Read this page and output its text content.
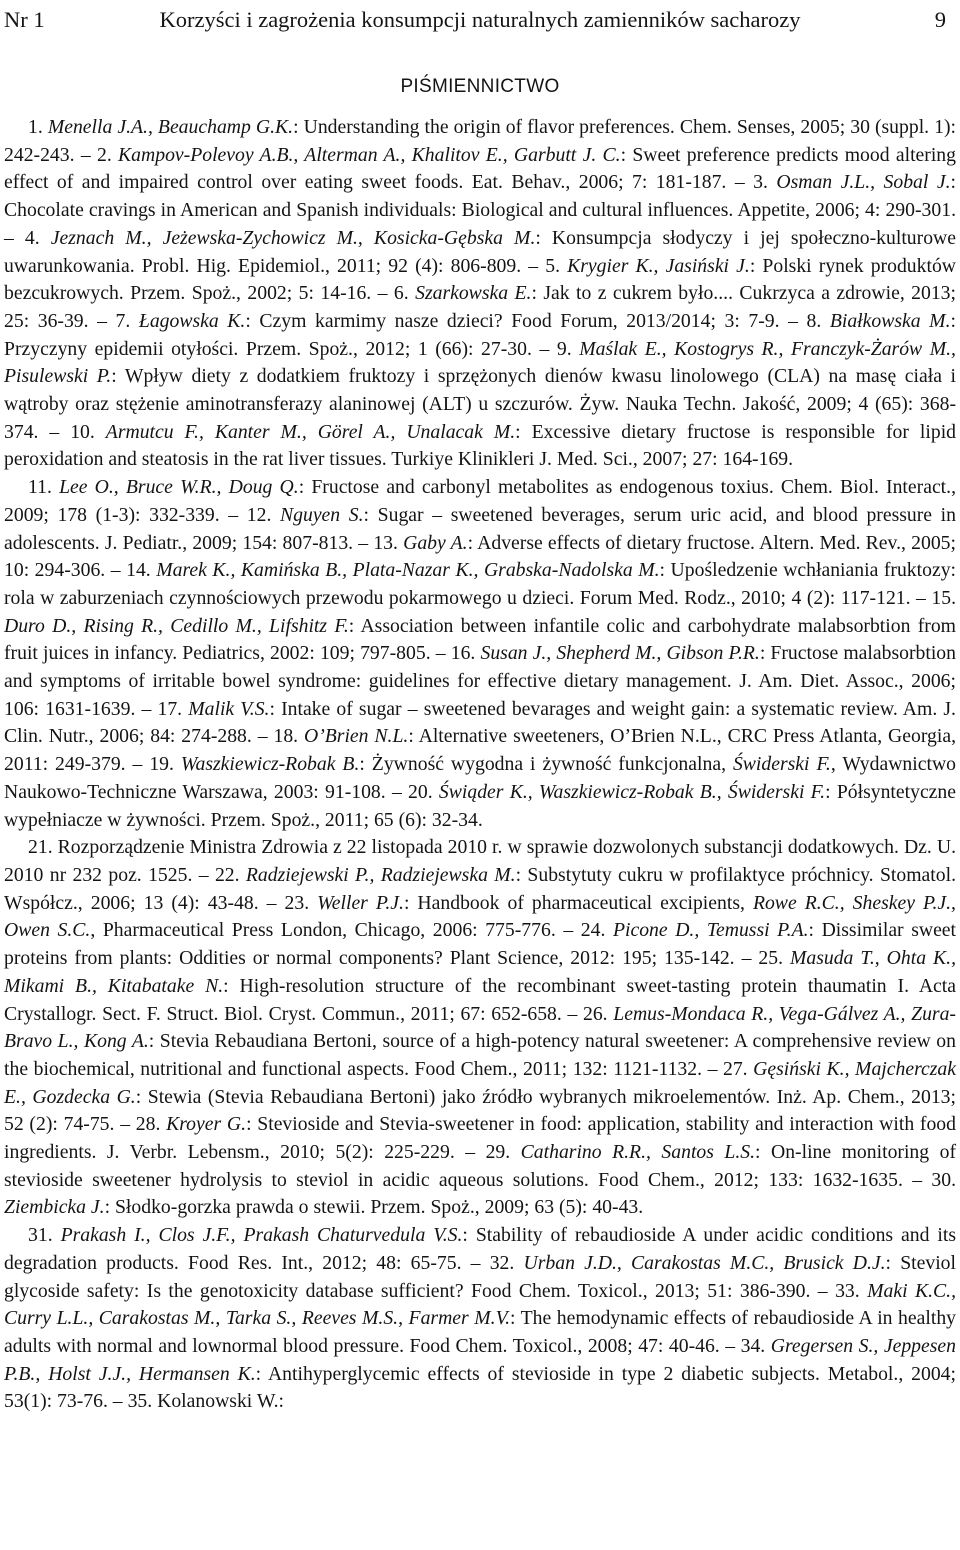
Nr 1	Korzyści i zagrożenia konsumpcji naturalnych zamienników sacharozy	9
PIŚMIENNICTWO

1. Menella J.A., Beauchamp G.K.: Understanding the origin of flavor preferences. Chem. Senses, 2005; 30 (suppl. 1): 242-243. – 2. Kampov-Polevoy A.B., Alterman A., Khalitov E., Garbutt J. C.: Sweet preference predicts mood altering effect of and impaired control over eating sweet foods. Eat. Behav., 2006; 7: 181-187. – 3. Osman J.L., Sobal J.: Chocolate cravings in American and Spanish individuals: Biological and cultural influences. Appetite, 2006; 4: 290-301. – 4. Jeznach M., Jeżewska-Zychowicz M., Kosicka-Gębska M.: Konsumpcja słodyczy i jej społeczno-kulturowe uwarunkowania. Probl. Hig. Epidemiol., 2011; 92 (4): 806-809. – 5. Krygier K., Jasiński J.: Polski rynek produktów bezcukrowych. Przem. Spoż., 2002; 5: 14-16. – 6. Szarkowska E.: Jak to z cukrem było.... Cukrzyca a zdrowie, 2013; 25: 36-39. – 7. Łagowska K.: Czym karmimy nasze dzieci? Food Forum, 2013/2014; 3: 7-9. – 8. Białkowska M.: Przyczyny epidemii otyłości. Przem. Spoż., 2012; 1 (66): 27-30. – 9. Maślak E., Kostogrys R., Franczyk-Żarów M., Pisulewski P.: Wpływ diety z dodatkiem fruktozy i sprzężonych dienów kwasu linolowego (CLA) na masę ciała i wątroby oraz stężenie aminotransferazy alaninowej (ALT) u szczurów. Żyw. Nauka Techn. Jakość, 2009; 4 (65): 368-374. – 10. Armutcu F., Kanter M., Görel A., Unalacak M.: Excessive dietary fructose is responsible for lipid peroxidation and steatosis in the rat liver tissues. Turkiye Klinikleri J. Med. Sci., 2007; 27: 164-169.

11. Lee O., Bruce W.R., Doug Q.: Fructose and carbonyl metabolites as endogenous toxius. Chem. Biol. Interact., 2009; 178 (1-3): 332-339. – 12. Nguyen S.: Sugar – sweetened beverages, serum uric acid, and blood pressure in adolescents. J. Pediatr., 2009; 154: 807-813. – 13. Gaby A.: Adverse effects of dietary fructose. Altern. Med. Rev., 2005; 10: 294-306. – 14. Marek K., Kamińska B., Plata-Nazar K., Grabska-Nadolska M.: Upośledzenie wchłaniania fruktozy: rola w zaburzeniach czynnościowych przewodu pokarmowego u dzieci. Forum Med. Rodz., 2010; 4 (2): 117-121. – 15. Duro D., Rising R., Cedillo M., Lifshitz F.: Association between infantile colic and carbohydrate malabsorbtion from fruit juices in infancy. Pediatrics, 2002: 109; 797-805. – 16. Susan J., Shepherd M., Gibson P.R.: Fructose malabsorbtion and symptoms of irritable bowel syndrome: guidelines for effective dietary management. J. Am. Diet. Assoc., 2006; 106: 1631-1639. – 17. Malik V.S.: Intake of sugar – sweetened bevarages and weight gain: a systematic review. Am. J. Clin. Nutr., 2006; 84: 274-288. – 18. O’Brien N.L.: Alternative sweeteners, O’Brien N.L., CRC Press Atlanta, Georgia, 2011: 249-379. – 19. Waszkiewicz-Robak B.: Żywność wygodna i żywność funkcjonalna, Świderski F., Wydawnictwo Naukowo-Techniczne Warszawa, 2003: 91-108. – 20. Świąder K., Waszkiewicz-Robak B., Świderski F.: Półsyntetyczne wypełniacze w żywności. Przem. Spoż., 2011; 65 (6): 32-34.

21. Rozporządzenie Ministra Zdrowia z 22 listopada 2010 r. w sprawie dozwolonych substancji dodatkowych. Dz. U. 2010 nr 232 poz. 1525. – 22. Radziejewski P., Radziejewska M.: Substytuty cukru w profilaktyce próchnicy. Stomatol. Współcz., 2006; 13 (4): 43-48. – 23. Weller P.J.: Handbook of pharmaceutical excipients, Rowe R.C., Sheskey P.J., Owen S.C., Pharmaceutical Press London, Chicago, 2006: 775-776. – 24. Picone D., Temussi P.A.: Dissimilar sweet proteins from plants: Oddities or normal components? Plant Science, 2012: 195; 135-142. – 25. Masuda T., Ohta K., Mikami B., Kitabatake N.: High-resolution structure of the recombinant sweet-tasting protein thaumatin I. Acta Crystallogr. Sect. F. Struct. Biol. Cryst. Commun., 2011; 67: 652-658. – 26. Lemus-Mondaca R., Vega-Gálvez A., Zura-Bravo L., Kong A.: Stevia Rebaudiana Bertoni, source of a high-potency natural sweetener: A comprehensive review on the biochemical, nutritional and functional aspects. Food Chem., 2011; 132: 1121-1132. – 27. Gęsiński K., Majcherczak E., Gozdecka G.: Stewia (Stevia Rebaudiana Bertoni) jako źródło wybranych mikroelementów. Inż. Ap. Chem., 2013; 52 (2): 74-75. – 28. Kroyer G.: Stevioside and Stevia-sweetener in food: application, stability and interaction with food ingredients. J. Verbr. Lebensm., 2010; 5(2): 225-229. – 29. Catharino R.R., Santos L.S.: On-line monitoring of stevioside sweetener hydrolysis to steviol in acidic aqueous solutions. Food Chem., 2012; 133: 1632-1635. – 30. Ziembicka J.: Słodko-gorzka prawda o stewii. Przem. Spoż., 2009; 63 (5): 40-43.

31. Prakash I., Clos J.F., Prakash Chaturvedula V.S.: Stability of rebaudioside A under acidic conditions and its degradation products. Food Res. Int., 2012; 48: 65-75. – 32. Urban J.D., Carakostas M.C., Brusick D.J.: Steviol glycoside safety: Is the genotoxicity database sufficient? Food Chem. Toxicol., 2013; 51: 386-390. – 33. Maki K.C., Curry L.L., Carakostas M., Tarka S., Reeves M.S., Farmer M.V.: The hemodynamic effects of rebaudioside A in healthy adults with normal and lownormal blood pressure. Food Chem. Toxicol., 2008; 47: 40-46. – 34. Gregersen S., Jeppesen P.B., Holst J.J., Hermansen K.: Antihyperglycemic effects of stevioside in type 2 diabetic subjects. Metabol., 2004; 53(1): 73-76. – 35. Kolanowski W.:
